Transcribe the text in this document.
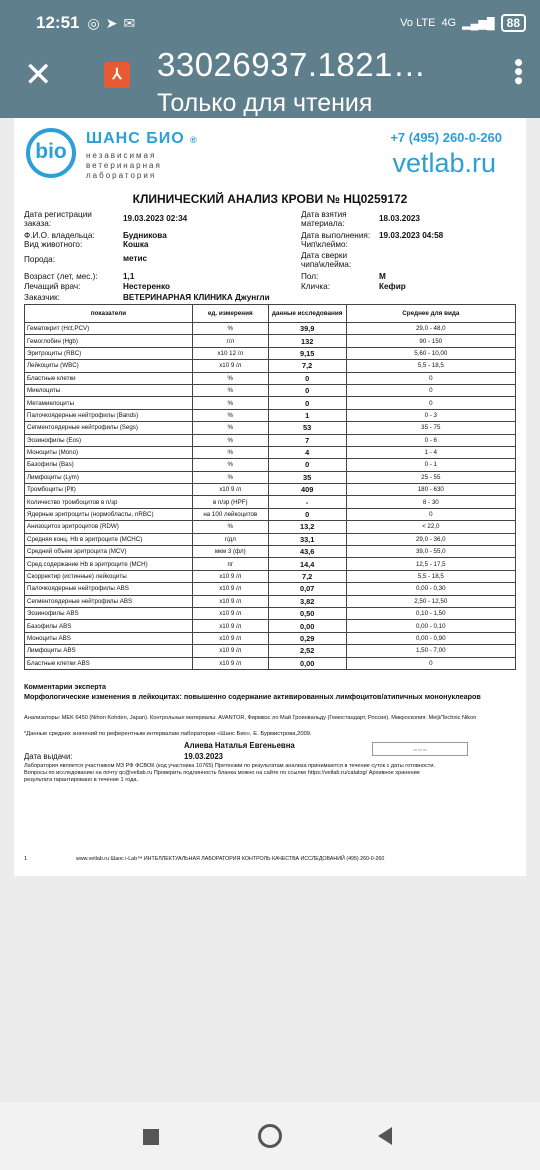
12:51 ◎ ➤ ✉	Vo LTE 4G ▂▄▆█	88
✕	⅄ 33026937.1821…
Только для чтения
•••
bio
ШАНС БИО ®
независимая ветеринарная лаборатория
+7 (495) 260-0-260
vetlab.ru
КЛИНИЧЕСКИЙ АНАЛИЗ КРОВИ № НЦ0259172
Дата регистрации заказа:
19.03.2023 02:34
Ф.И.О. владельца:	Будникова
Вид животного:	Кошка
Порода:	метис
Возраст (лет, мес.):	1,1
Лечащий врач:	Нестеренко
Заказчик:	ВЕТЕРИНАРНАЯ КЛИНИКА Джунгли
Дата взятия материала:
18.03.2023
Дата выполнения: 19.03.2023 04:58
Чип\клеймо:
Дата сверки чипа\клейма:
Пол:	М
Кличка:	Кефир
показатели	ед. измерения	данные исследования	Среднее для вида
Гематокрит (Hct,PCV)	%	39,9	29,0 - 48,0
Гемоглобин (Hgb)	г/л	132	90 - 150
Эритроциты (RBC)	x10 12 /л	9,15	5,60 - 10,00
Лейкоциты (WBC)	x10 9 /л	7,2	5,5 - 18,5
Бластные клетки	%	0	0
Миелоциты	%	0	0
Метамиелоциты	%	0	0
Палочкоядерные нейтрофилы (Bands)	%	1	0 - 3
Сегментоядерные нейтрофилы (Segs)	%	53	35 - 75
Эозинофилы (Eos)	%	7	0 - 6
Моноциты (Mono)	%	4	1 - 4
Базофилы (Bas)	%	0	0 - 1
Лимфоциты (Lym)	%	35	25 - 55
Тромбоциты (Plt)	x10 9 /л	409	180 - 630
Количество тромбоцитов в п/зр	в п/зр (HPF)	-	8 - 30
Ядерные эритроциты (нормобласты, nRBC)	на 100 лейкоцитов	0	0
Анизоцитоз эритроцитов (RDW)	%	13,2	< 22,0
Средняя конц. Hb в эритроците (MCHC)	г/дл	33,1	29,0 - 36,0
Средний объем эритроцита (MCV)	мкм 3 (фл)	43,6	39,0 - 55,0
Сред.содержание Hb в эритроците (MCH)	пг	14,4	12,5 - 17,5
Скорректир (истинные) лейкоциты	x10 9 /л	7,2	5,5 - 18,5
Палочкоядерные нейтрофилы ABS	x10 9 /л	0,07	0,00 - 0,30
Сегментоядерные нейтрофилы ABS	x10 9 /л	3,82	2,50 - 12,50
Эозинофилы ABS	x10 9 /л	0,50	0,10 - 1,50
Базофилы ABS	x10 9 /л	0,00	0,00 - 0,10
Моноциты ABS	x10 9 /л	0,29	0,00 - 0,90
Лимфоциты ABS	x10 9 /л	2,52	1,50 - 7,00
Бластные клетки ABS	x10 9 /л	0,00	0
Комментарии эксперта
Морфологические изменения в лейкоцитах: повышенно содержание активированных лимфоцитов/атипичных мононуклеаров
Анализаторы: MEK 6450 (Nihon Kohden, Japan). Контрольные материалы: AVANTOR, Фирмвэс ло Май Гроинвальду (Гемостандарт, Россия). Микроскопия: Meiji/Technic Nikon
*Данные средних значений по референтным интервалам лаборатории «Шанс Био», Е. Бурмистрова,2009.
Алиева Наталья Евгеньевна
Дата выдачи:	19.03.2023
▭ ▭ ▭
Лаборатория является участником МЗ РФ ФСВОК (код участника 10765) Претензии по результатам анализа принимаются в течение суток с даты готовности. Вопросы по исследованию на почту qc@vetlab.ru Проверить подлинность бланка можно на сайте по ссылке https://vetlab.ru/catalog/ Архивное хранение результата гарантировано в течение 1 года.
1	www.vetlab.ru Шанс i-Lab™ ИНТЕЛЛЕКТУАЛЬНАЯ ЛАБОРАТОРИЯ КОНТРОЛЬ КАЧЕСТВА ИССЛЕДОВАНИЙ (495) 260-0-260
